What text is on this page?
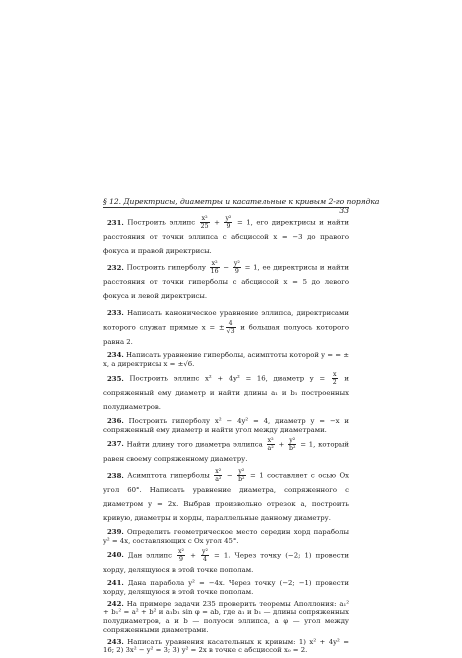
§ 12. Директрисы, диаметры и касательные к кривым 2-го порядка
33

231. Построить эллипс $\frac{\text{x²}}{25} + \frac{\text{y²}}{9} = 1$, его директрисы и найти расстояния от точки эллипса с абсциссой x = −3 до правого фокуса и правой директрисы.

232. Построить гиперболу $\frac{\text{x²}}{16} - \frac{\text{y²}}{9} = 1$, ее директрисы и найти расстояния от точки гиперболы с абсциссой x = 5 до левого фокуса и левой директрисы.

233. Написать каноническое уравнение эллипса, директрисами которого служат прямые x = ± $\frac{4}{√3}$ и большая полуось которого равна 2.

234. Написать уравнение гиперболы, асимптоты которой y = = ± x, а директрисы x = ±√6.

235. Построить эллипс x² + 4y² = 16, диаметр $y = \frac{x}{2}$ и сопряженный ему диаметр и найти длины a₁ и b₁ построенных полудиаметров.

236. Построить гиперболу x² − 4y² = 4, диаметр y = −x и сопряженный ему диаметр и найти угол между диаметрами.

237. Найти длину того диаметра эллипса $\frac{\text{x²}}{\text{a²}} + \frac{\text{y²}}{\text{b²}} = 1$, который равен своему сопряженному диаметру.

238. Асимптота гиперболы $\frac{\text{x²}}{\text{a²}} - \frac{\text{y²}}{\text{b²}} = 1$ составляет с осью Ox угол 60°. Написать уравнение диаметра, сопряженного с диаметром y = 2x. Выбрав произвольно отрезок a, построить кривую, диаметры и хорды, параллельные данному диаметру.

239. Определить геометрическое место середин хорд параболы y² = 4x, составляющих с Ox угол 45°.

240. Дан эллипс $\frac{\text{x²}}{9} + \frac{\text{y²}}{4} = 1$. Через точку (−2; 1) провести хорду, делящуюся в этой точке пополам.

241. Дана парабола y² = −4x. Через точку (−2; −1) провести хорду, делящуюся в этой точке пополам.

242. На примере задачи 235 проверить теоремы Аполлония: a₁² + b₁² = a² + b² и a₁b₁ sin φ = ab, где a₁ и b₁ — длины сопряженных полудиаметров, a и b — полуоси эллипса, а φ — угол между сопряженными диаметрами.

243. Написать уравнения касательных к кривым: 1) x² + 4y² = 16; 2) 3x² − y² = 3; 3) y² = 2x в точке с абсциссой x₀ = 2.
